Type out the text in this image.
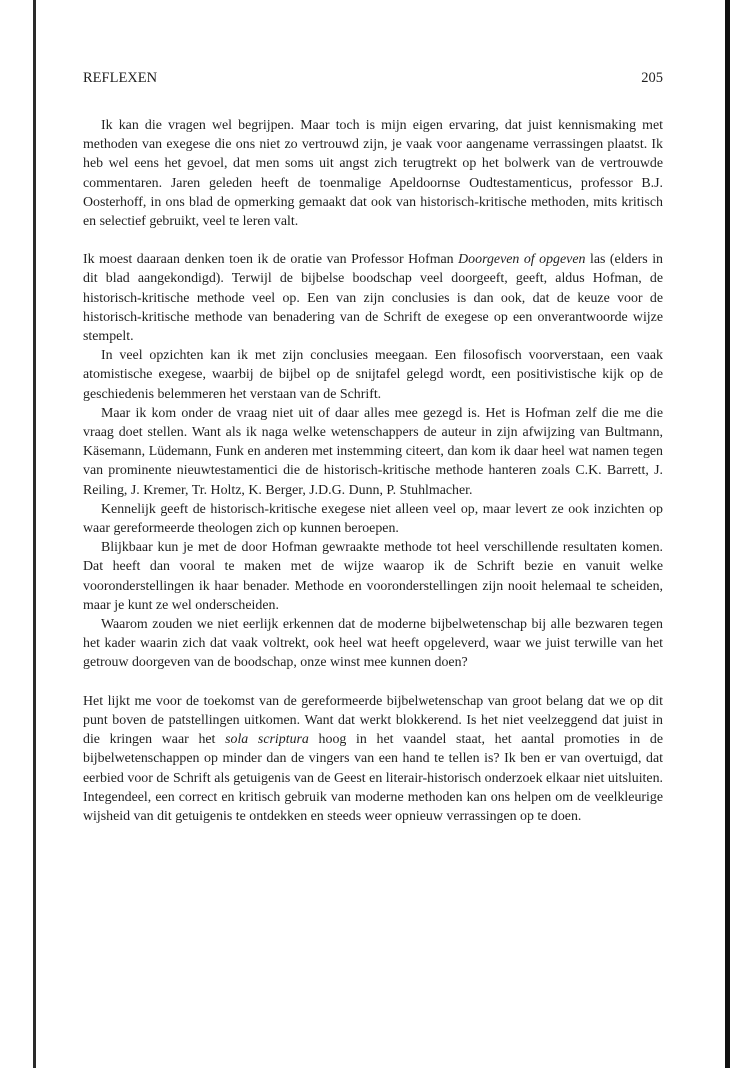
REFLEXEN	205

Ik kan die vragen wel begrijpen. Maar toch is mijn eigen ervaring, dat juist kennismaking met methoden van exegese die ons niet zo vertrouwd zijn, je vaak voor aangename verrassingen plaatst. Ik heb wel eens het gevoel, dat men soms uit angst zich terugtrekt op het bolwerk van de vertrouwde commentaren. Jaren geleden heeft de toenmalige Apeldoornse Oudtestamenticus, professor B.J. Oosterhoff, in ons blad de opmerking gemaakt dat ook van historisch-kritische methoden, mits kritisch en selectief gebruikt, veel te leren valt.

Ik moest daaraan denken toen ik de oratie van Professor Hofman Doorgeven of opgeven las (elders in dit blad aangekondigd). Terwijl de bijbelse boodschap veel doorgeeft, geeft, aldus Hofman, de historisch-kritische methode veel op. Een van zijn conclusies is dan ook, dat de keuze voor de historisch-kritische methode van benadering van de Schrift de exegese op een onverantwoorde wijze stempelt.

In veel opzichten kan ik met zijn conclusies meegaan. Een filosofisch voorverstaan, een vaak atomistische exegese, waarbij de bijbel op de snijtafel gelegd wordt, een positivistische kijk op de geschiedenis belemmeren het verstaan van de Schrift.

Maar ik kom onder de vraag niet uit of daar alles mee gezegd is. Het is Hofman zelf die me die vraag doet stellen. Want als ik naga welke wetenschappers de auteur in zijn afwijzing van Bultmann, Käsemann, Lüdemann, Funk en anderen met instemming citeert, dan kom ik daar heel wat namen tegen van prominente nieuwtestamentici die de historisch-kritische methode hanteren zoals C.K. Barrett, J. Reiling, J. Kremer, Tr. Holtz, K. Berger, J.D.G. Dunn, P. Stuhlmacher.

Kennelijk geeft de historisch-kritische exegese niet alleen veel op, maar levert ze ook inzichten op waar gereformeerde theologen zich op kunnen beroepen.

Blijkbaar kun je met de door Hofman gewraakte methode tot heel verschillende resultaten komen. Dat heeft dan vooral te maken met de wijze waarop ik de Schrift bezie en vanuit welke vooronderstellingen ik haar benader. Methode en vooronderstellingen zijn nooit helemaal te scheiden, maar je kunt ze wel onderscheiden.

Waarom zouden we niet eerlijk erkennen dat de moderne bijbelwetenschap bij alle bezwaren tegen het kader waarin zich dat vaak voltrekt, ook heel wat heeft opgeleverd, waar we juist terwille van het getrouw doorgeven van de boodschap, onze winst mee kunnen doen?

Het lijkt me voor de toekomst van de gereformeerde bijbelwetenschap van groot belang dat we op dit punt boven de patstellingen uitkomen. Want dat werkt blokkerend. Is het niet veelzeggend dat juist in die kringen waar het sola scriptura hoog in het vaandel staat, het aantal promoties in de bijbelwetenschappen op minder dan de vingers van een hand te tellen is? Ik ben er van overtuigd, dat eerbied voor de Schrift als getuigenis van de Geest en literair-historisch onderzoek elkaar niet uitsluiten. Integendeel, een correct en kritisch gebruik van moderne methoden kan ons helpen om de veelkleurige wijsheid van dit getuigenis te ontdekken en steeds weer opnieuw verrassingen op te doen.
